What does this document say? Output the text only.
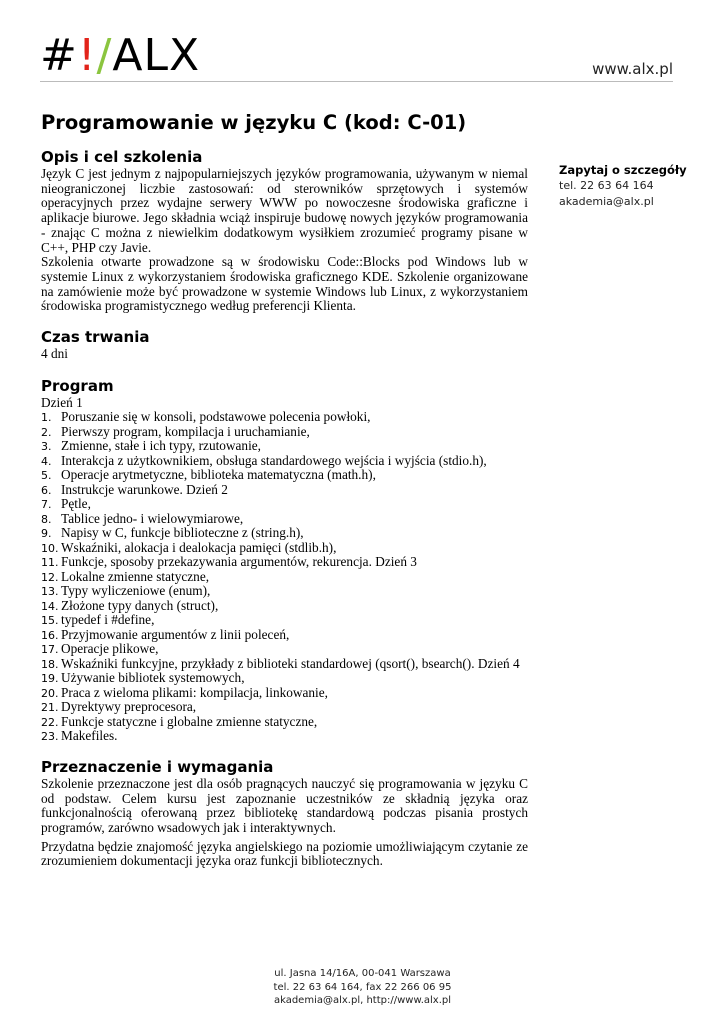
#!/ALX	www.alx.pl
Programowanie w języku C (kod: C-01)
Opis i cel szkolenia

Język C jest jednym z najpopularniejszych języków programowania, używanym w niemal nieograniczonej liczbie zastosowań: od sterowników sprzętowych i systemów operacyjnych przez wydajne serwery WWW po nowoczesne środowiska graficzne i aplikacje biurowe. Jego składnia wciąż inspiruje budowę nowych języków programowania - znając C można z niewielkim dodatkowym wysiłkiem zrozumieć programy pisane w C++, PHP czy Javie.

Szkolenia otwarte prowadzone są w środowisku Code::Blocks pod Windows lub w systemie Linux z wykorzystaniem środowiska graficznego KDE. Szkolenie organizowane na zamówienie może być prowadzone w systemie Windows lub Linux, z wykorzystaniem środowiska programistycznego według preferencji Klienta.

Czas trwania

4 dni

Program

Dzień 1

1. Poruszanie się w konsoli, podstawowe polecenia powłoki,
2. Pierwszy program, kompilacja i uruchamianie,
3. Zmienne, stałe i ich typy, rzutowanie,
4. Interakcja z użytkownikiem, obsługa standardowego wejścia i wyjścia (stdio.h),
5. Operacje arytmetyczne, biblioteka matematyczna (math.h),
6. Instrukcje warunkowe. Dzień 2
7. Pętle,
8. Tablice jedno- i wielowymiarowe,
9. Napisy w C, funkcje biblioteczne z (string.h),
10. Wskaźniki, alokacja i dealokacja pamięci (stdlib.h),
11. Funkcje, sposoby przekazywania argumentów, rekurencja. Dzień 3
12. Lokalne zmienne statyczne,
13. Typy wyliczeniowe (enum),
14. Złożone typy danych (struct),
15. typedef i #define,
16. Przyjmowanie argumentów z linii poleceń,
17. Operacje plikowe,
18. Wskaźniki funkcyjne, przykłady z biblioteki standardowej (qsort(), bsearch(). Dzień 4
19. Używanie bibliotek systemowych,
20. Praca z wieloma plikami: kompilacja, linkowanie,
21. Dyrektywy preprocesora,
22. Funkcje statyczne i globalne zmienne statyczne,
23. Makefiles.
Przeznaczenie i wymagania

Szkolenie przeznaczone jest dla osób pragnących nauczyć się programowania w języku C od podstaw. Celem kursu jest zapoznanie uczestników ze składnią języka oraz funkcjonalnością oferowaną przez bibliotekę standardową podczas pisania prostych programów, zarówno wsadowych jak i interaktywnych.

Przydatna będzie znajomość języka angielskiego na poziomie umożliwiającym czytanie ze zrozumieniem dokumentacji języka oraz funkcji bibliotecznych.

Zapytaj o szczegóły
tel. 22 63 64 164
akademia@alx.pl
ul. Jasna 14/16A, 00-041 Warszawa
tel. 22 63 64 164, fax 22 266 06 95
akademia@alx.pl, http://www.alx.pl
